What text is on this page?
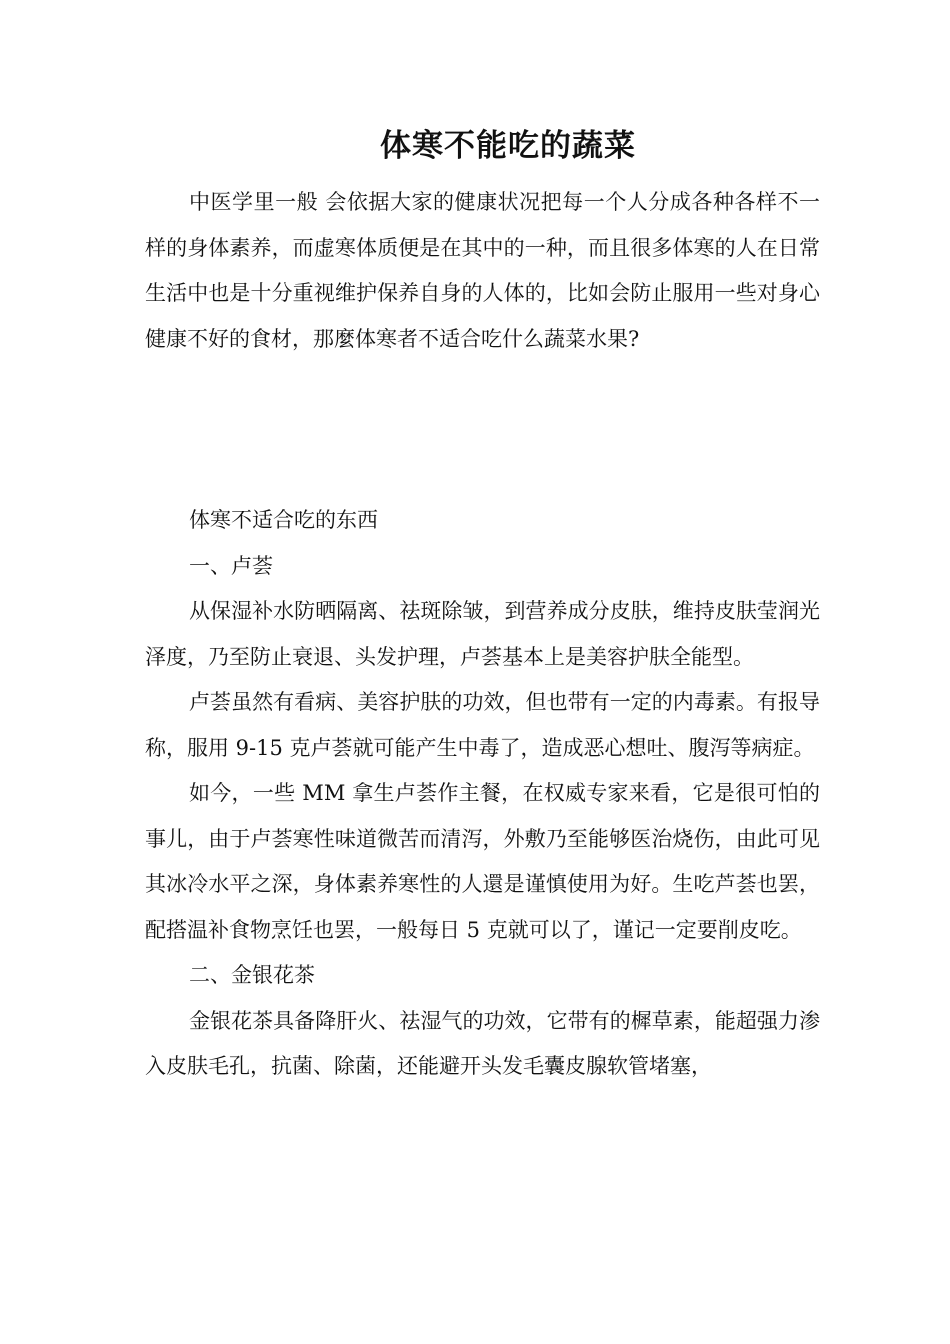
体寒不能吃的蔬菜

中医学里一般 会依据大家的健康状况把每一个人分成各种各样不一样的身体素养，而虚寒体质便是在其中的一种，而且很多体寒的人在日常生活中也是十分重视维护保养自身的人体的，比如会防止服用一些对身心健康不好的食材，那麼体寒者不适合吃什么蔬菜水果?

体寒不适合吃的东西

一、卢荟

从保湿补水防晒隔离、祛斑除皱，到营养成分皮肤，维持皮肤莹润光泽度，乃至防止衰退、头发护理，卢荟基本上是美容护肤全能型。

卢荟虽然有看病、美容护肤的功效，但也带有一定的内毒素。有报导称，服用 9-15 克卢荟就可能产生中毒了，造成恶心想吐、腹泻等病症。

如今，一些 MM 拿生卢荟作主餐，在权威专家来看，它是很可怕的事儿，由于卢荟寒性味道微苦而清泻，外敷乃至能够医治烧伤，由此可见其冰冷水平之深，身体素养寒性的人還是谨慎使用为好。生吃芦荟也罢，配搭温补食物烹饪也罢，一般每日 5 克就可以了，谨记一定要削皮吃。

二、金银花茶

金银花茶具备降肝火、祛湿气的功效，它带有的樨草素，能超强力渗入皮肤毛孔，抗菌、除菌，还能避开头发毛囊皮腺软管堵塞，
